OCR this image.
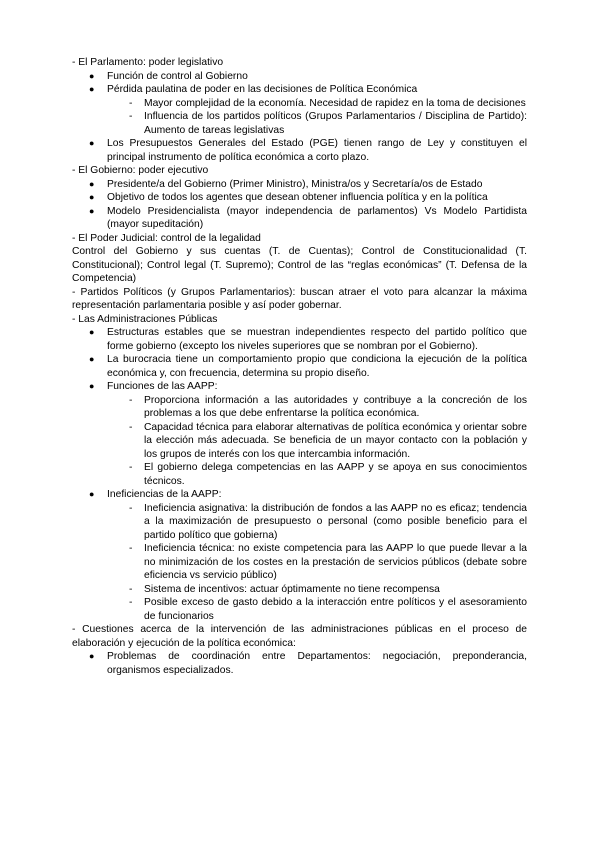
- El Parlamento: poder legislativo

● Función de control al Gobierno

● Pérdida paulatina de poder en las decisiones de Política Económica

- Mayor complejidad de la economía. Necesidad de rapidez en la toma de decisiones

- Influencia de los partidos políticos (Grupos Parlamentarios / Disciplina de Partido): Aumento de tareas legislativas

● Los Presupuestos Generales del Estado (PGE) tienen rango de Ley y constituyen el principal instrumento de política económica a corto plazo.

- El Gobierno: poder ejecutivo

● Presidente/a del Gobierno (Primer Ministro), Ministra/os y Secretaría/os de Estado

● Objetivo de todos los agentes que desean obtener influencia política y en la política

● Modelo Presidencialista (mayor independencia de parlamentos) Vs Modelo Partidista (mayor supeditación)

- El Poder Judicial: control de la legalidad

Control del Gobierno y sus cuentas (T. de Cuentas); Control de Constitucionalidad (T. Constitucional); Control legal (T. Supremo); Control de las “reglas económicas” (T. Defensa de la Competencia)

- Partidos Políticos (y Grupos Parlamentarios): buscan atraer el voto para alcanzar la máxima representación parlamentaria posible y así poder gobernar.

- Las Administraciones Públicas

● Estructuras estables que se muestran independientes respecto del partido político que forme gobierno (excepto los niveles superiores que se nombran por el Gobierno).

● La burocracia tiene un comportamiento propio que condiciona la ejecución de la política económica y, con frecuencia, determina su propio diseño.

● Funciones de las AAPP:

- Proporciona información a las autoridades y contribuye a la concreción de los problemas a los que debe enfrentarse la política económica.

- Capacidad técnica para elaborar alternativas de política económica y orientar sobre la elección más adecuada. Se beneficia de un mayor contacto con la población y los grupos de interés con los que intercambia información.

- El gobierno delega competencias en las AAPP y se apoya en sus conocimientos técnicos.

● Ineficiencias de la AAPP:

- Ineficiencia asignativa: la distribución de fondos a las AAPP no es eficaz; tendencia a la maximización de presupuesto o personal (como posible beneficio para el partido político que gobierna)

- Ineficiencia técnica: no existe competencia para las AAPP lo que puede llevar a la no minimización de los costes en la prestación de servicios públicos (debate sobre eficiencia vs servicio público)

- Sistema de incentivos: actuar óptimamente no tiene recompensa

- Posible exceso de gasto debido a la interacción entre políticos y el asesoramiento de funcionarios

- Cuestiones acerca de la intervención de las administraciones públicas en el proceso de elaboración y ejecución de la política económica:

● Problemas de coordinación entre Departamentos: negociación, preponderancia, organismos especializados.
